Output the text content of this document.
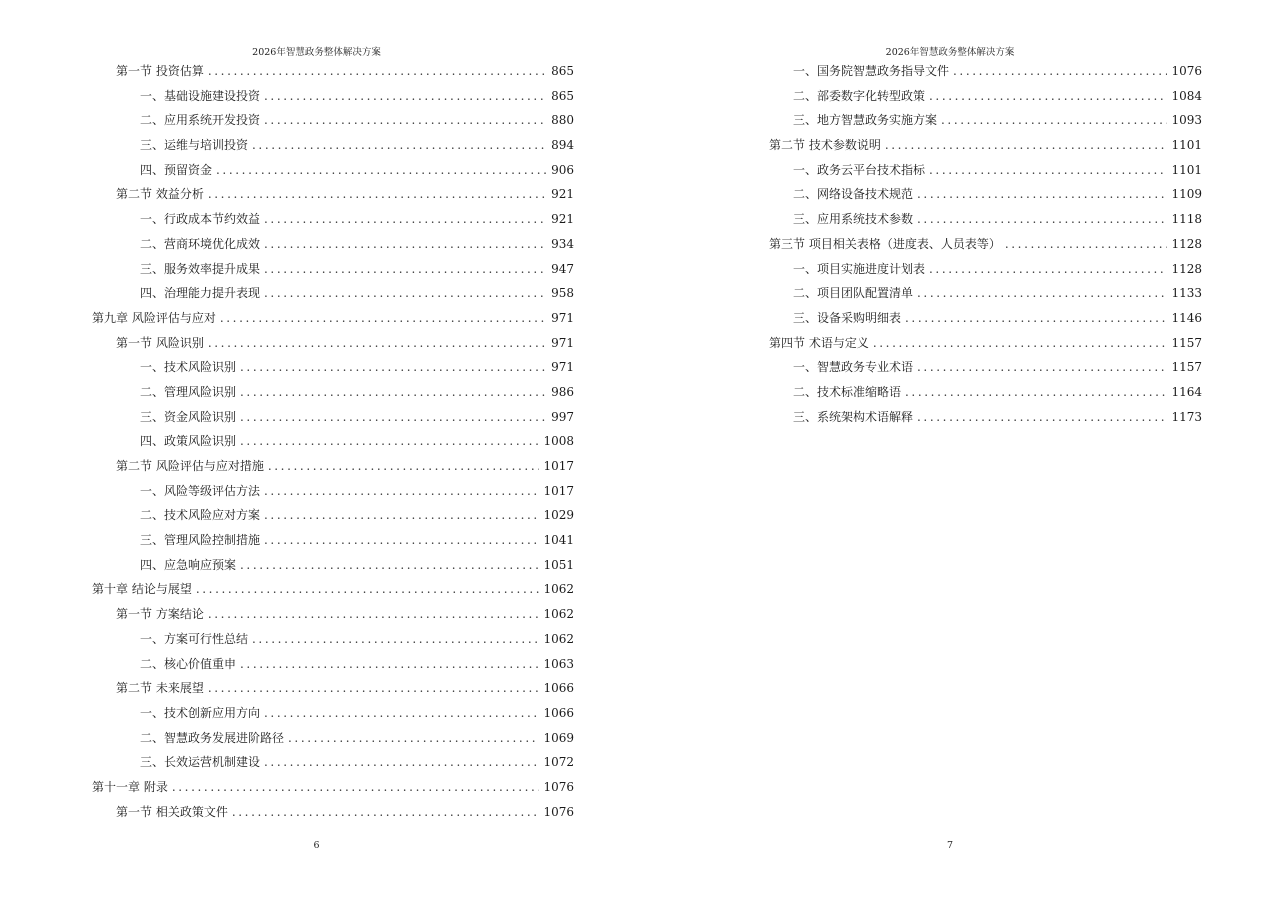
2026年智慧政务整体解决方案
第一节 投资估算 .....	865
一、基础设施建设投资 .....	865
二、应用系统开发投资 .....	880
三、运维与培训投资 .....	894
四、预留资金 .....	906
第二节 效益分析 .....	921
一、行政成本节约效益 .....	921
二、营商环境优化成效 .....	934
三、服务效率提升成果 .....	947
四、治理能力提升表现 .....	958
第九章 风险评估与应对 .....	971
第一节 风险识别 .....	971
一、技术风险识别 .....	971
二、管理风险识别 .....	986
三、资金风险识别 .....	997
四、政策风险识别 .....	1008
第二节 风险评估与应对措施 .....	1017
一、风险等级评估方法 .....	1017
二、技术风险应对方案 .....	1029
三、管理风险控制措施 .....	1041
四、应急响应预案 .....	1051
第十章 结论与展望 .....	1062
第一节 方案结论 .....	1062
一、方案可行性总结 .....	1062
二、核心价值重申 .....	1063
第二节 未来展望 .....	1066
一、技术创新应用方向 .....	1066
二、智慧政务发展进阶路径 .....	1069
三、长效运营机制建设 .....	1072
第十一章 附录 .....	1076
第一节 相关政策文件 .....	1076
6
2026年智慧政务整体解决方案
一、国务院智慧政务指导文件 .....	1076
二、部委数字化转型政策 .....	1084
三、地方智慧政务实施方案 .....	1093
第二节 技术参数说明 .....	1101
一、政务云平台技术指标 .....	1101
二、网络设备技术规范 .....	1109
三、应用系统技术参数 .....	1118
第三节 项目相关表格（进度表、人员表等） .....	1128
一、项目实施进度计划表 .....	1128
二、项目团队配置清单 .....	1133
三、设备采购明细表 .....	1146
第四节 术语与定义 .....	1157
一、智慧政务专业术语 .....	1157
二、技术标准缩略语 .....	1164
三、系统架构术语解释 .....	1173
7
